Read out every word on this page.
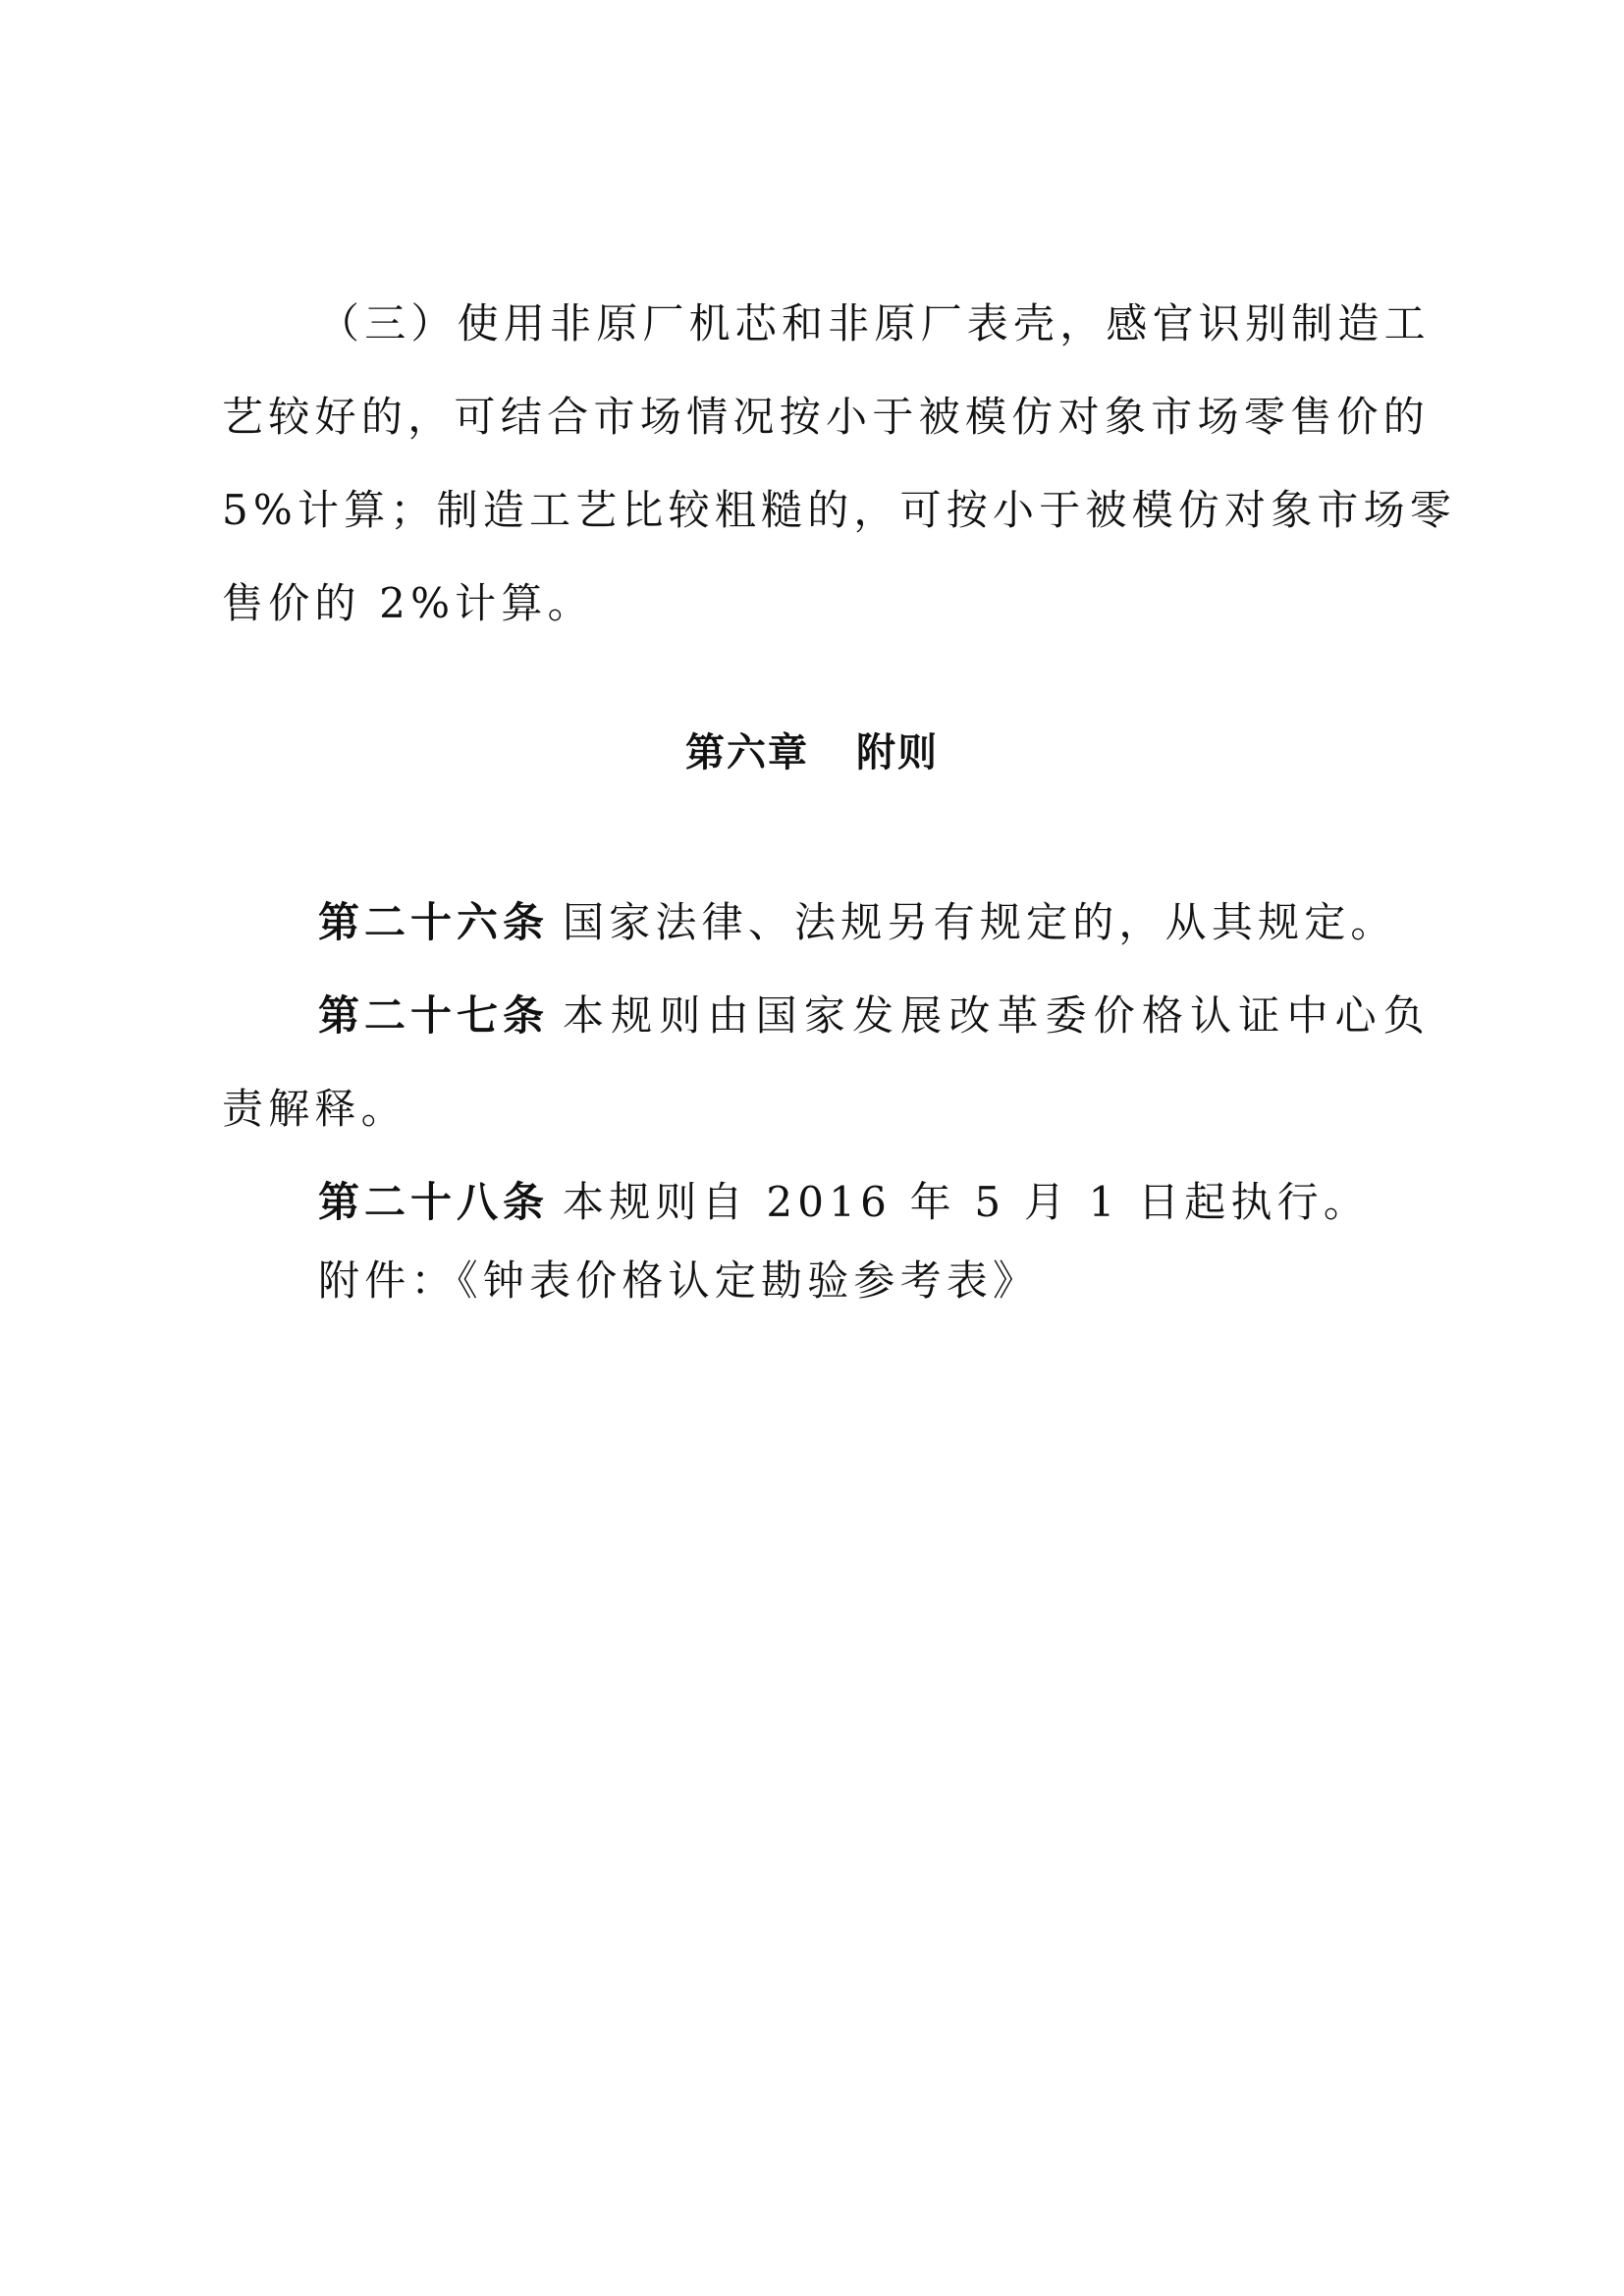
（三）使用非原厂机芯和非原厂表壳，感官识别制造工
艺较好的，可结合市场情况按小于被模仿对象市场零售价的
5%计算；制造工艺比较粗糙的，可按小于被模仿对象市场零
售价的 2%计算。
第六章 附则
第二十六条 国家法律、法规另有规定的，从其规定。
第二十七条 本规则由国家发展改革委价格认证中心负
责解释。
第二十八条 本规则自 2016 年 5 月 1 日起执行。
附件：《钟表价格认定勘验参考表》
